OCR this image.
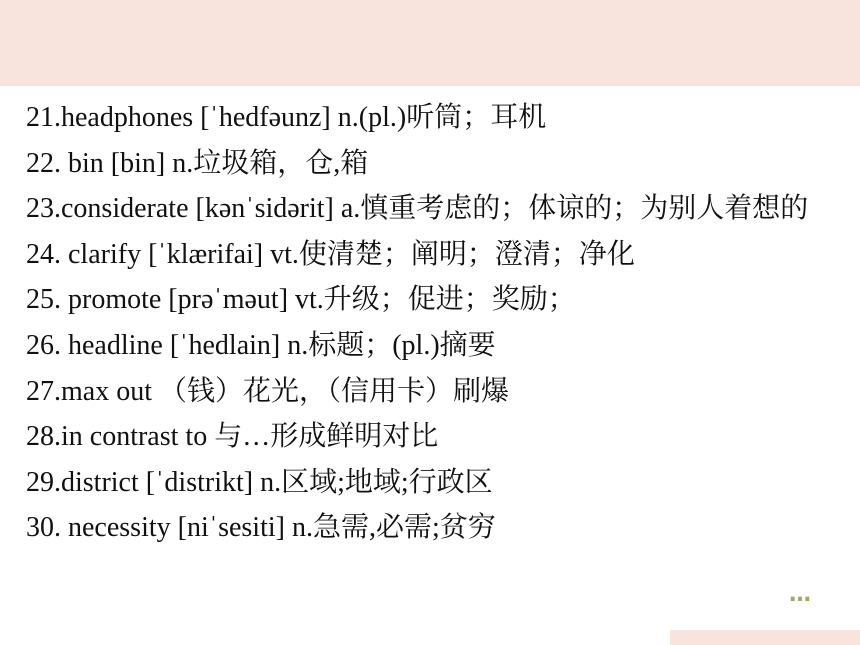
21.headphones [ˈhedfəunz] n.(pl.)听筒；耳机
22. bin [bin] n.垃圾箱，仓,箱
23.considerate [kənˈsidərit] a.慎重考虑的；体谅的；为别人着想的
24. clarify [ˈklærifai] vt.使清楚；阐明；澄清；净化
25. promote [prəˈməut] vt.升级；促进；奖励；
26. headline [ˈhedlain] n.标题；(pl.)摘要
27.max out （钱）花光，（信用卡）刷爆
28.in contrast to 与…形成鲜明对比
29.district [ˈdistrikt] n.区域;地域;行政区
30. necessity [niˈsesiti] n.急需,必需;贫穷
…
